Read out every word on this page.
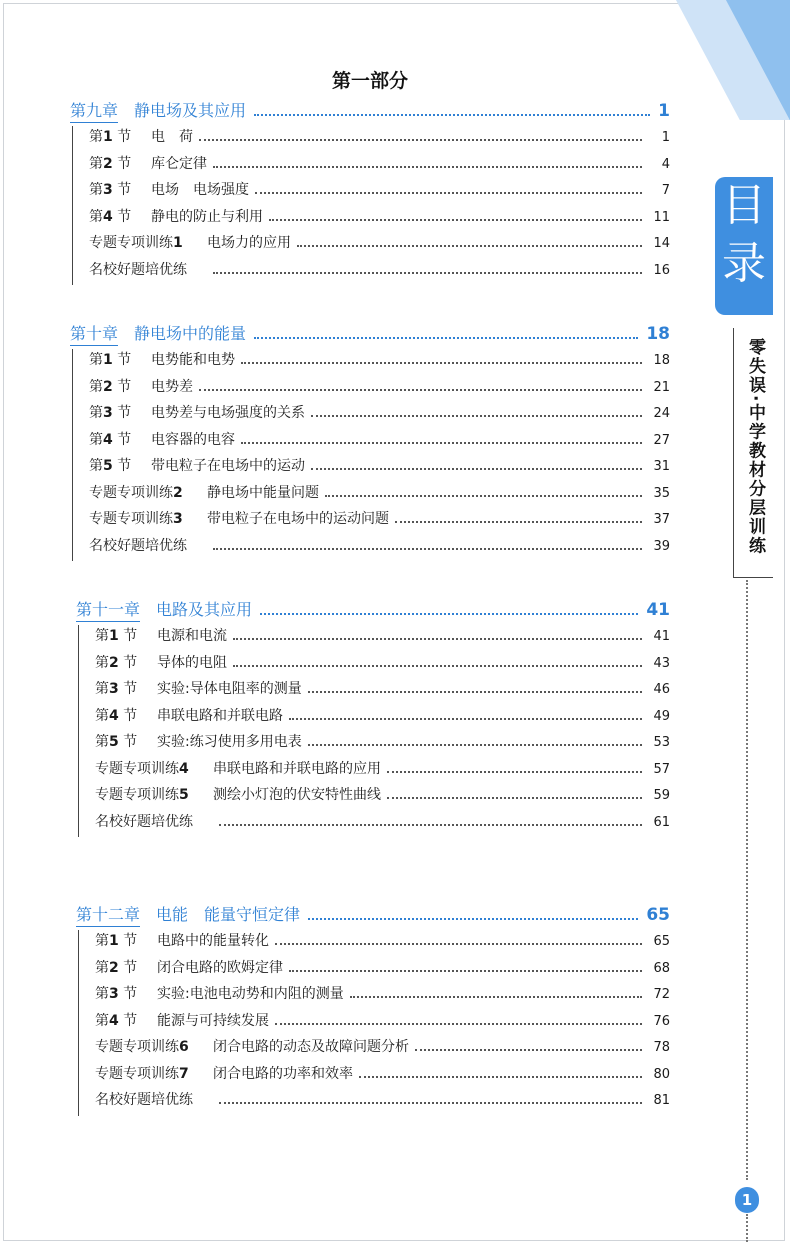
目
录
零失误·中学教材分层训练
1
第一部分
第九章 静电场及其应用	1
第1 节	电　荷	1
第2 节	库仑定律	4
第3 节	电场　电场强度	7
第4 节	静电的防止与利用	11
专题专项训练1	电场力的应用	14
名校好题培优练	16
第十章 静电场中的能量	18
第1 节	电势能和电势	18
第2 节	电势差	21
第3 节	电势差与电场强度的关系	24
第4 节	电容器的电容	27
第5 节	带电粒子在电场中的运动	31
专题专项训练2	静电场中能量问题	35
专题专项训练3	带电粒子在电场中的运动问题	37
名校好题培优练	39
第十一章 电路及其应用	41
第1 节	电源和电流	41
第2 节	导体的电阻	43
第3 节	实验:导体电阻率的测量	46
第4 节	串联电路和并联电路	49
第5 节	实验:练习使用多用电表	53
专题专项训练4	串联电路和并联电路的应用	57
专题专项训练5	测绘小灯泡的伏安特性曲线	59
名校好题培优练	61
第十二章 电能　能量守恒定律	65
第1 节	电路中的能量转化	65
第2 节	闭合电路的欧姆定律	68
第3 节	实验:电池电动势和内阻的测量	72
第4 节	能源与可持续发展	76
专题专项训练6	闭合电路的动态及故障问题分析	78
专题专项训练7	闭合电路的功率和效率	80
名校好题培优练	81
